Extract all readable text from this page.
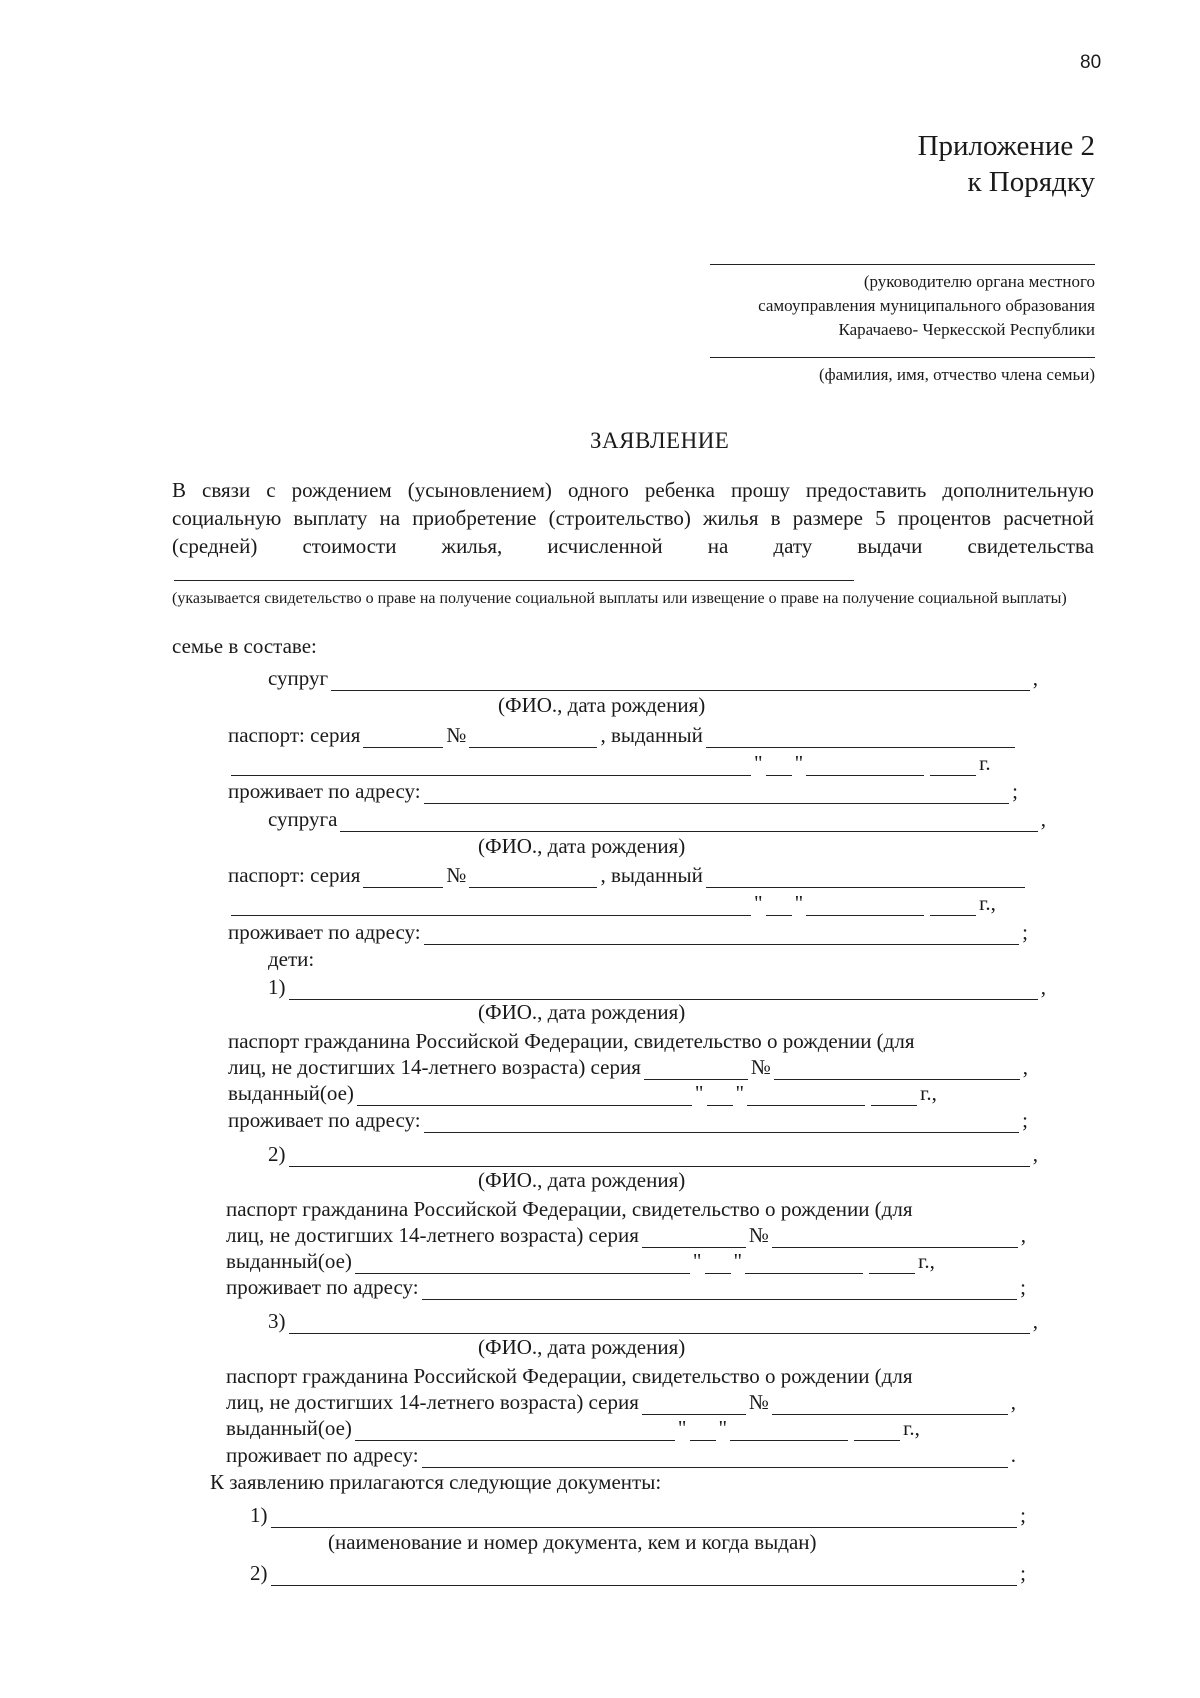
80
Приложение 2
к Порядку
(руководителю органа местного
самоуправления муниципального образования
Карачаево- Черкесской Республики
(фамилия, имя, отчество члена семьи)
ЗАЯВЛЕНИЕ
В связи с рождением (усыновлением) одного ребенка прошу предоставить дополнительную социальную выплату на приобретение (строительство) жилья в размере 5 процентов расчетной (средней) стоимости жилья, исчисленной на дату выдачи свидетельства
(указывается свидетельство о праве на получение социальной выплаты или извещение о праве на получение социальной выплаты)
семье в составе:
супруг	,
(ФИО., дата рождения)
паспорт: серия	№	, выданный
" "	г.
проживает по адресу:	;
супруга	,
(ФИО., дата рождения)
паспорт: серия	№	, выданный
" "	г.,
проживает по адресу:	;
дети:
1)	,
(ФИО., дата рождения)
паспорт гражданина Российской Федерации, свидетельство о рождении (для
лиц, не достигших 14-летнего возраста) серия	№	,
выданный(ое)	" "	г.,
проживает по адресу:	;
2)	,
(ФИО., дата рождения)
паспорт гражданина Российской Федерации, свидетельство о рождении (для
лиц, не достигших 14-летнего возраста) серия	№	,
выданный(ое)	" "	г.,
проживает по адресу:	;
3)	,
(ФИО., дата рождения)
паспорт гражданина Российской Федерации, свидетельство о рождении (для
лиц, не достигших 14-летнего возраста) серия	№	,
выданный(ое)	" "	г.,
проживает по адресу:	.
К заявлению прилагаются следующие документы:
1)	;
(наименование и номер документа, кем и когда выдан)
2)	;
